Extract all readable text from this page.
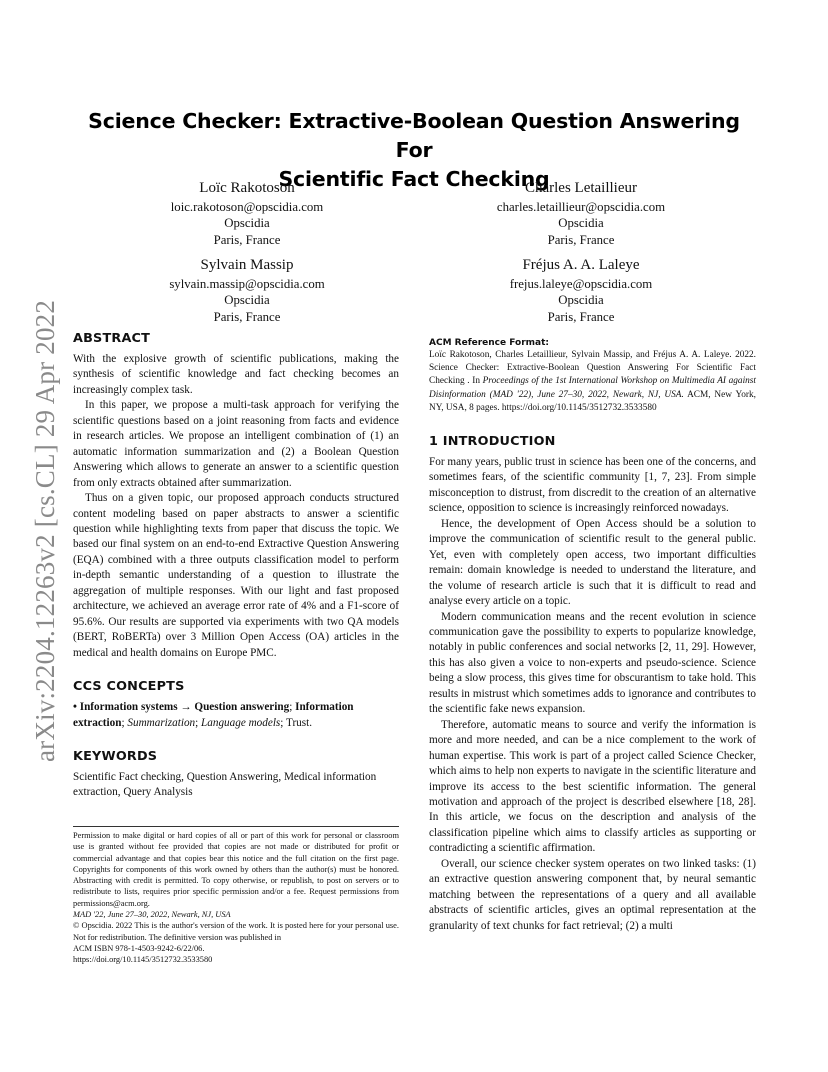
arXiv:2204.12263v2 [cs.CL] 29 Apr 2022
Science Checker: Extractive-Boolean Question Answering For
Scientific Fact Checking
Loïc Rakotoson
loic.rakotoson@opscidia.com
Opscidia
Paris, France
Charles Letaillieur
charles.letaillieur@opscidia.com
Opscidia
Paris, France
Sylvain Massip
sylvain.massip@opscidia.com
Opscidia
Paris, France
Fréjus A. A. Laleye
frejus.laleye@opscidia.com
Opscidia
Paris, France
ABSTRACT

With the explosive growth of scientific publications, making the synthesis of scientific knowledge and fact checking becomes an increasingly complex task.

In this paper, we propose a multi-task approach for verifying the scientific questions based on a joint reasoning from facts and evidence in research articles. We propose an intelligent combination of (1) an automatic information summarization and (2) a Boolean Question Answering which allows to generate an answer to a scientific question from only extracts obtained after summarization.

Thus on a given topic, our proposed approach conducts structured content modeling based on paper abstracts to answer a scientific question while highlighting texts from paper that discuss the topic. We based our final system on an end-to-end Extractive Question Answering (EQA) combined with a three outputs classification model to perform in-depth semantic understanding of a question to illustrate the aggregation of multiple responses. With our light and fast proposed architecture, we achieved an average error rate of 4% and a F1-score of 95.6%. Our results are supported via experiments with two QA models (BERT, RoBERTa) over 3 Million Open Access (OA) articles in the medical and health domains on Europe PMC.

CCS CONCEPTS

• Information systems → Question answering; Information extraction; Summarization; Language models; Trust.

KEYWORDS

Scientific Fact checking, Question Answering, Medical information extraction, Query Analysis

Permission to make digital or hard copies of all or part of this work for personal or classroom use is granted without fee provided that copies are not made or distributed for profit or commercial advantage and that copies bear this notice and the full citation on the first page. Copyrights for components of this work owned by others than the author(s) must be honored. Abstracting with credit is permitted. To copy otherwise, or republish, to post on servers or to redistribute to lists, requires prior specific permission and/or a fee. Request permissions from permissions@acm.org.

MAD '22, June 27–30, 2022, Newark, NJ, USA

© Opscidia. 2022 This is the author's version of the work. It is posted here for your personal use. Not for redistribution. The definitive version was published in

ACM ISBN 978-1-4503-9242-6/22/06.

https://doi.org/10.1145/3512732.3533580

ACM Reference Format:
Loïc Rakotoson, Charles Letaillieur, Sylvain Massip, and Fréjus A. A. Laleye. 2022. Science Checker: Extractive-Boolean Question Answering For Scientific Fact Checking . In Proceedings of the 1st International Workshop on Multimedia AI against Disinformation (MAD '22), June 27–30, 2022, Newark, NJ, USA. ACM, New York, NY, USA, 8 pages. https://doi.org/10.1145/3512732.3533580
1 INTRODUCTION

For many years, public trust in science has been one of the concerns, and sometimes fears, of the scientific community [1, 7, 23]. From simple misconception to distrust, from discredit to the creation of an alternative science, opposition to science is increasingly reinforced nowadays.

Hence, the development of Open Access should be a solution to improve the communication of scientific result to the general public. Yet, even with completely open access, two important difficulties remain: domain knowledge is needed to understand the literature, and the volume of research article is such that it is difficult to read and analyse every article on a topic.

Modern communication means and the recent evolution in science communication gave the possibility to experts to popularize knowledge, notably in public conferences and social networks [2, 11, 29]. However, this has also given a voice to non-experts and pseudo-science. Science being a slow process, this gives time for obscurantism to take hold. This results in mistrust which sometimes adds to ignorance and contributes to the scientific fake news expansion.

Therefore, automatic means to source and verify the information is more and more needed, and can be a nice complement to the work of human expertise. This work is part of a project called Science Checker, which aims to help non experts to navigate in the scientific literature and improve its access to the best scientific information. The general motivation and approach of the project is described elsewhere [18, 28]. In this article, we focus on the description and analysis of the classification pipeline which aims to classify articles as supporting or contradicting a scientific affirmation.

Overall, our science checker system operates on two linked tasks: (1) an extractive question answering component that, by neural semantic matching between the representations of a query and all available abstracts of scientific articles, gives an optimal representation at the granularity of text chunks for fact retrieval; (2) a multi
